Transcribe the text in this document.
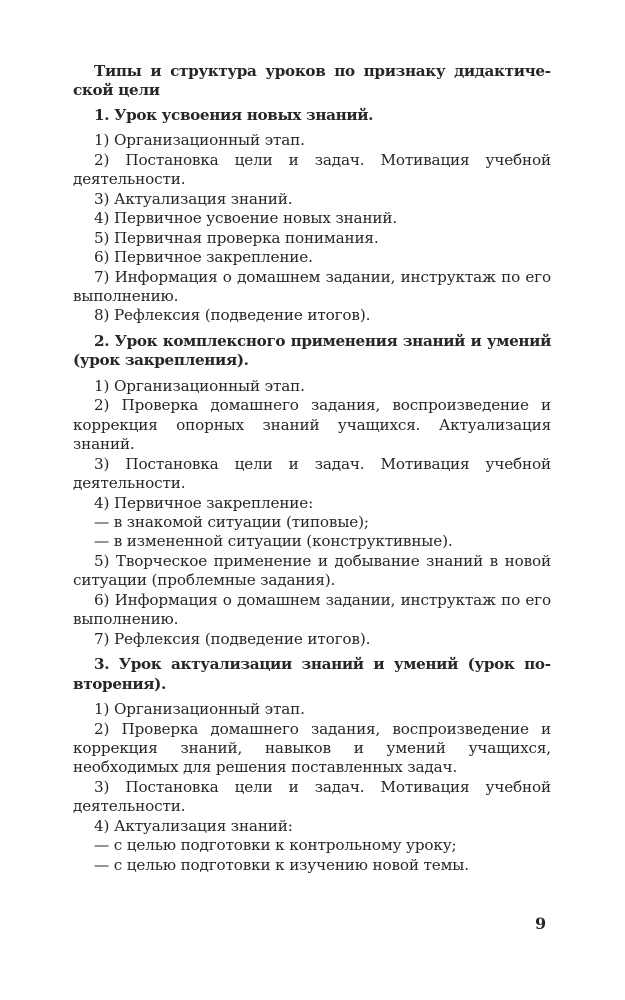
Типы и структура уроков по признаку дидактической цели

1. Урок усвоения новых знаний.

1) Организационный этап.

2) Постановка цели и задач. Мотивация учебной деятельности.

3) Актуализация знаний.

4) Первичное усвоение новых знаний.

5) Первичная проверка понимания.

6) Первичное закрепление.

7) Информация о домашнем задании, инструктаж по его выполнению.

8) Рефлексия (подведение итогов).

2. Урок комплексного применения знаний и умений (урок закрепления).

1) Организационный этап.

2) Проверка домашнего задания, воспроизведение и коррекция опорных знаний учащихся. Актуализация знаний.

3) Постановка цели и задач. Мотивация учебной деятельности.

4) Первичное закрепление:

— в знакомой ситуации (типовые);

— в измененной ситуации (конструктивные).

5) Творческое применение и добывание знаний в новой ситуации (проблемные задания).

6) Информация о домашнем задании, инструктаж по его выполнению.

7) Рефлексия (подведение итогов).

3. Урок актуализации знаний и умений (урок повторения).

1) Организационный этап.

2) Проверка домашнего задания, воспроизведение и коррекция знаний, навыков и умений учащихся, необходимых для решения поставленных задач.

3) Постановка цели и задач. Мотивация учебной деятельности.

4) Актуализация знаний:

— с целью подготовки к контрольному уроку;

— с целью подготовки к изучению новой темы.

9
